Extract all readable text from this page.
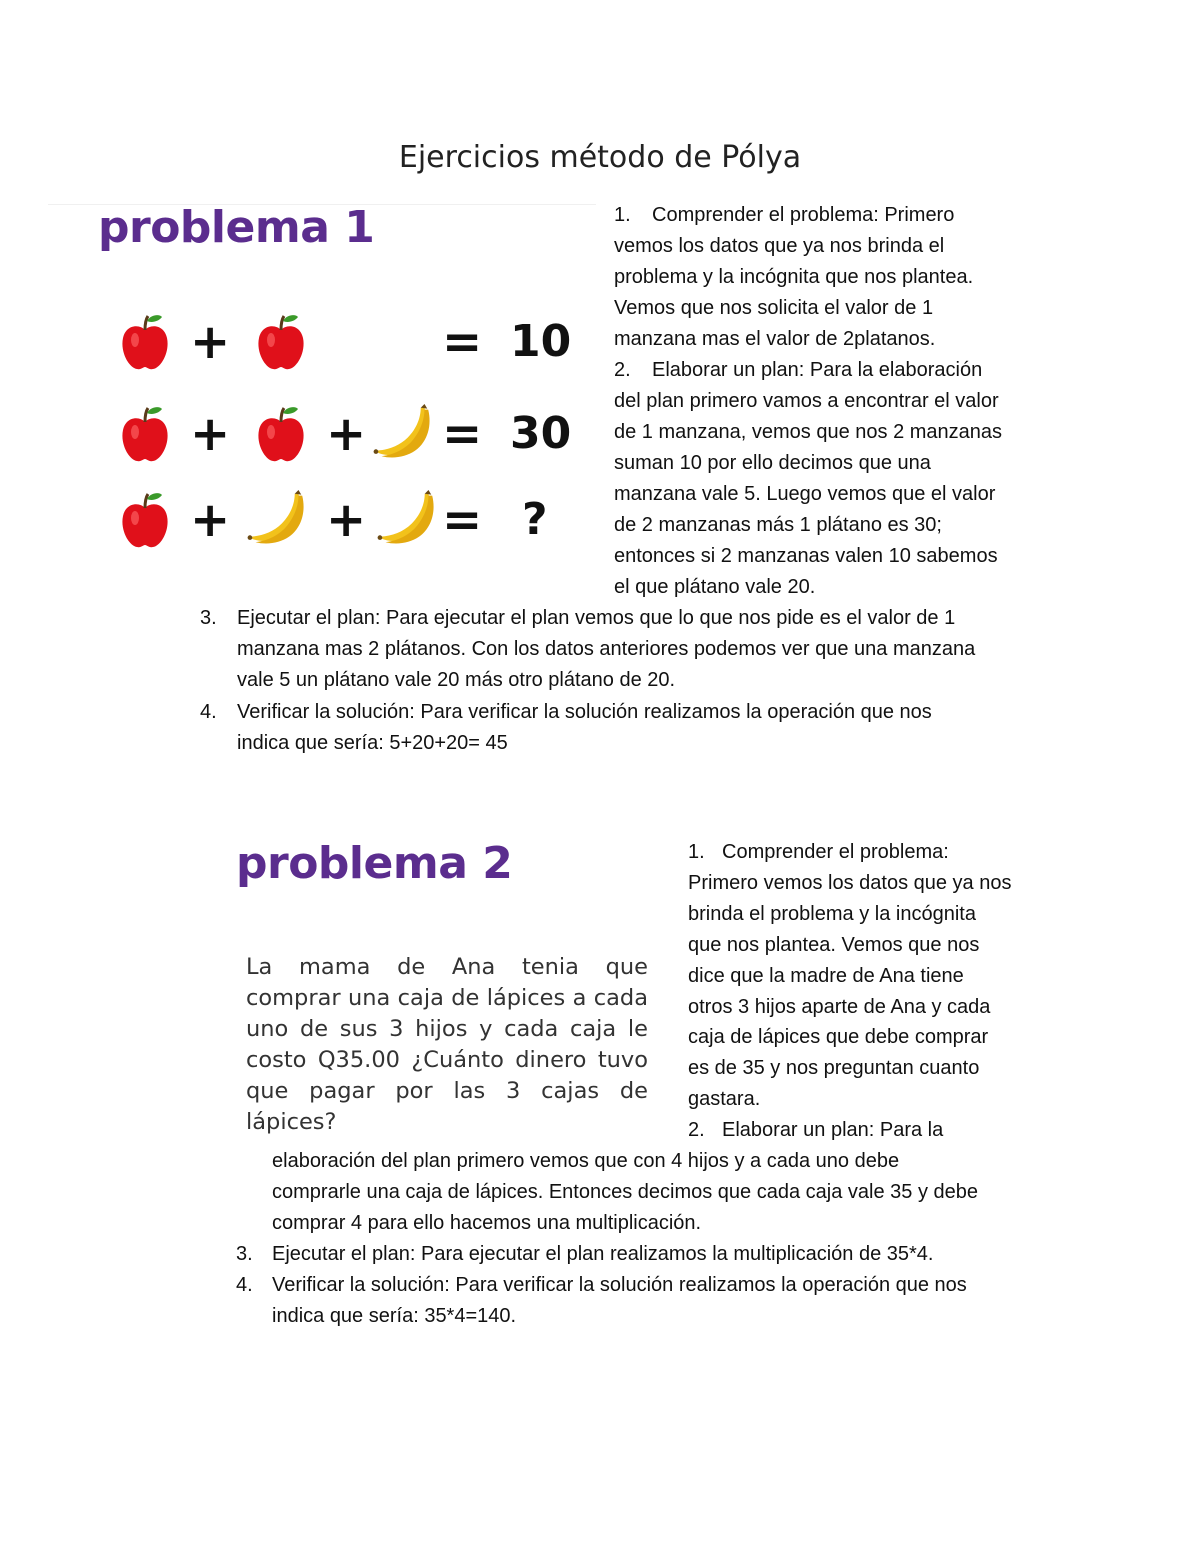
Ejercicios método de Pólya
problema 1
+	= 10
+ + = 30
+ + = ?
1.	Comprender el problema: Primero
vemos los datos que ya nos brinda el
problema y la incógnita que nos plantea.
Vemos que nos solicita el valor de 1
manzana mas el valor de 2platanos.
2.	Elaborar un plan: Para la elaboración
del plan primero vamos a encontrar el valor
de 1 manzana, vemos que nos 2 manzanas
suman 10 por ello decimos que una
manzana vale 5. Luego vemos que el valor
de 2 manzanas más 1 plátano es 30;
entonces si 2 manzanas valen 10 sabemos
el que plátano vale 20.
3.	Ejecutar el plan: Para ejecutar el plan vemos que lo que nos pide es el valor de 1
manzana mas 2 plátanos. Con los datos anteriores podemos ver que una manzana
vale 5 un plátano vale 20 más otro plátano de 20.
4.	Verificar la solución: Para verificar la solución realizamos la operación que nos
indica que sería: 5+20+20= 45
problema 2
La mama de Ana tenia que comprar una caja de lápices a cada uno de sus 3 hijos y cada caja le costo Q35.00 ¿Cuánto dinero tuvo que pagar por las 3 cajas de lápices?
1. Comprender el problema:
Primero vemos los datos que ya nos
brinda el problema y la incógnita
que nos plantea. Vemos que nos
dice que la madre de Ana tiene
otros 3 hijos aparte de Ana y cada
caja de lápices que debe comprar
es de 35 y nos preguntan cuanto
gastara.
2. Elaborar un plan: Para la
elaboración del plan primero vemos que con 4 hijos y a cada uno debe
comprarle una caja de lápices. Entonces decimos que cada caja vale 35 y debe
comprar 4 para ello hacemos una multiplicación.
3. Ejecutar el plan: Para ejecutar el plan realizamos la multiplicación de 35*4.
4. Verificar la solución: Para verificar la solución realizamos la operación que nos
indica que sería: 35*4=140.
